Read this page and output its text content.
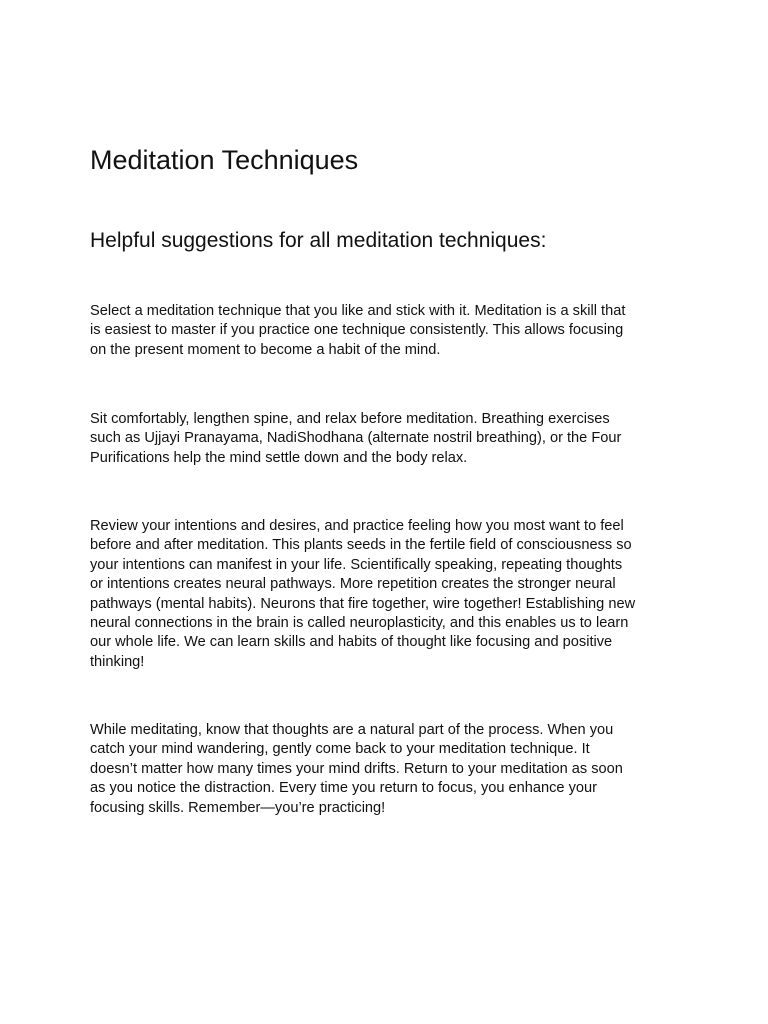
Meditation Techniques
Helpful suggestions for all meditation techniques:

Select a meditation technique that you like and stick with it. Meditation is a skill that
is easiest to master if you practice one technique consistently. This allows focusing
on the present moment to become a habit of the mind.

Sit comfortably, lengthen spine, and relax before meditation. Breathing exercises
such as Ujjayi Pranayama, NadiShodhana (alternate nostril breathing), or the Four
Purifications help the mind settle down and the body relax.

Review your intentions and desires, and practice feeling how you most want to feel
before and after meditation. This plants seeds in the fertile field of consciousness so
your intentions can manifest in your life. Scientifically speaking, repeating thoughts
or intentions creates neural pathways. More repetition creates the stronger neural
pathways (mental habits). Neurons that fire together, wire together! Establishing new
neural connections in the brain is called neuroplasticity, and this enables us to learn
our whole life. We can learn skills and habits of thought like focusing and positive
thinking!

While meditating, know that thoughts are a natural part of the process. When you
catch your mind wandering, gently come back to your meditation technique. It
doesn’t matter how many times your mind drifts. Return to your meditation as soon
as you notice the distraction. Every time you return to focus, you enhance your
focusing skills. Remember—you’re practicing!
